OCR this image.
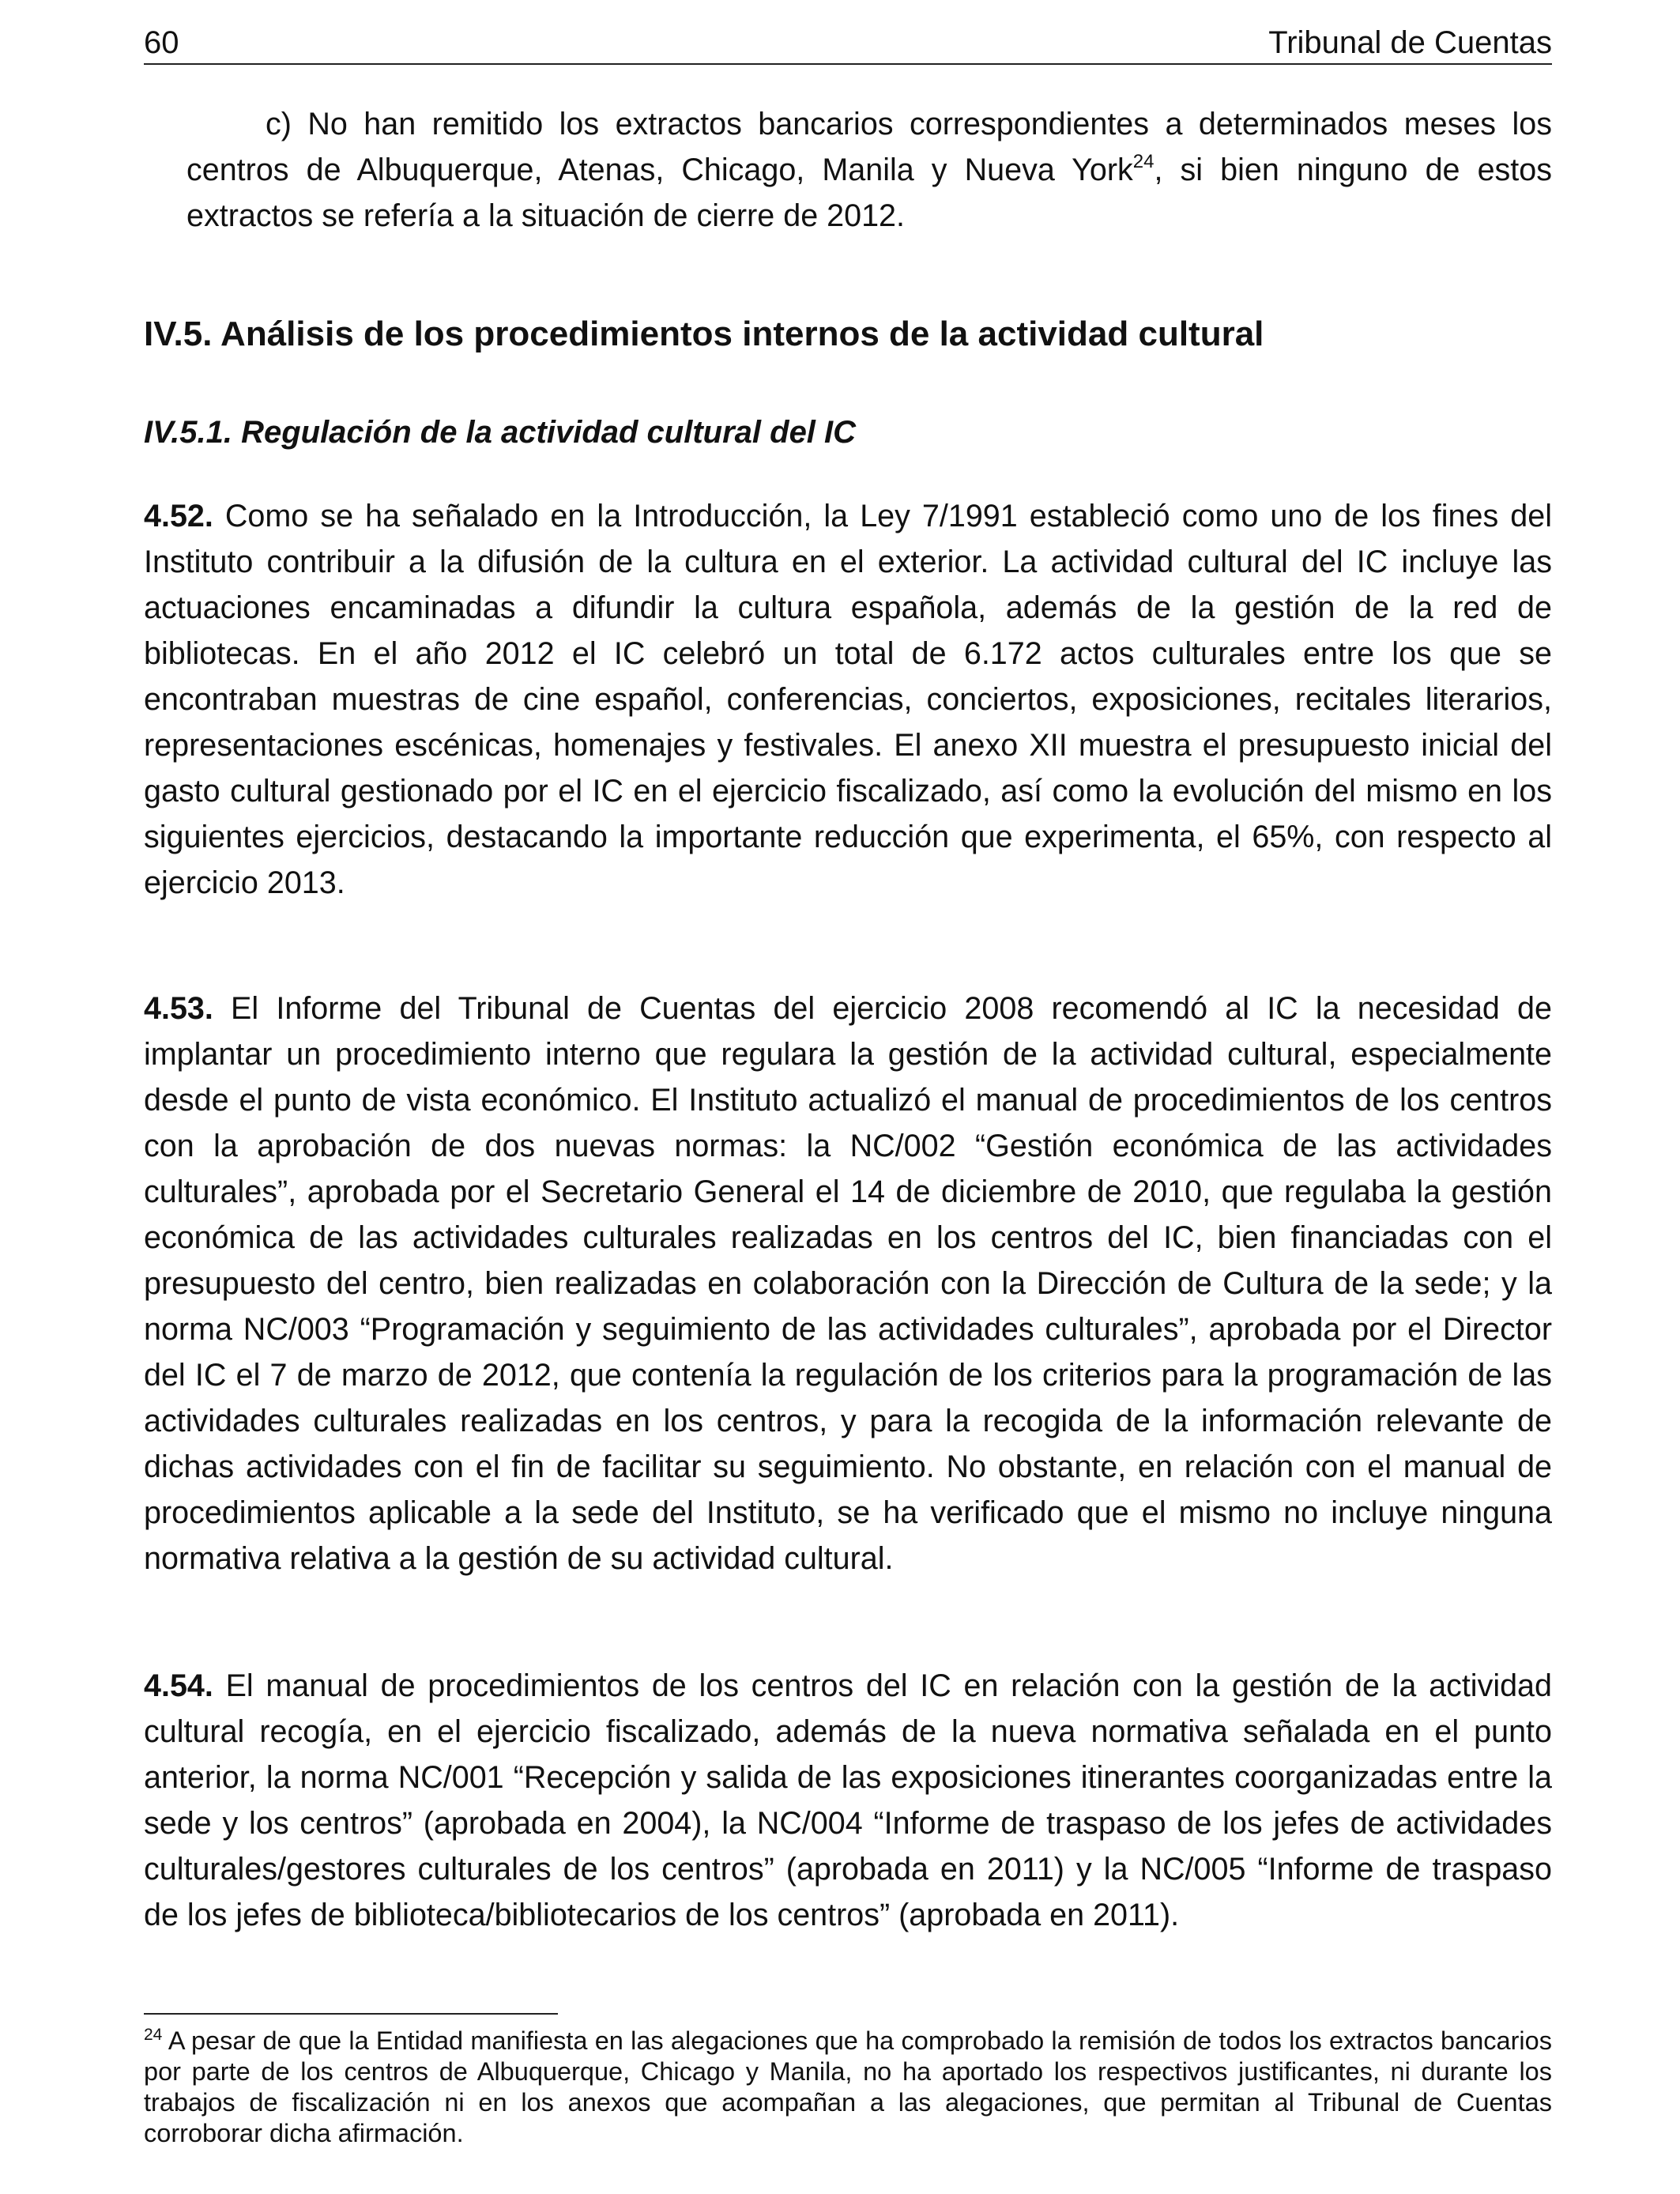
60	Tribunal de Cuentas

c) No han remitido los extractos bancarios correspondientes a determinados meses los centros de Albuquerque, Atenas, Chicago, Manila y Nueva York$^{24}$, si bien ninguno de estos extractos se refería a la situación de cierre de 2012.

IV.5. Análisis de los procedimientos internos de la actividad cultural
IV.5.1. Regulación de la actividad cultural del IC

4.52. Como se ha señalado en la Introducción, la Ley 7/1991 estableció como uno de los fines del Instituto contribuir a la difusión de la cultura en el exterior. La actividad cultural del IC incluye las actuaciones encaminadas a difundir la cultura española, además de la gestión de la red de bibliotecas. En el año 2012 el IC celebró un total de 6.172 actos culturales entre los que se encontraban muestras de cine español, conferencias, conciertos, exposiciones, recitales literarios, representaciones escénicas, homenajes y festivales. El anexo XII muestra el presupuesto inicial del gasto cultural gestionado por el IC en el ejercicio fiscalizado, así como la evolución del mismo en los siguientes ejercicios, destacando la importante reducción que experimenta, el 65%, con respecto al ejercicio 2013.

4.53. El Informe del Tribunal de Cuentas del ejercicio 2008 recomendó al IC la necesidad de implantar un procedimiento interno que regulara la gestión de la actividad cultural, especialmente desde el punto de vista económico. El Instituto actualizó el manual de procedimientos de los centros con la aprobación de dos nuevas normas: la NC/002 “Gestión económica de las actividades culturales”, aprobada por el Secretario General el 14 de diciembre de 2010, que regulaba la gestión económica de las actividades culturales realizadas en los centros del IC, bien financiadas con el presupuesto del centro, bien realizadas en colaboración con la Dirección de Cultura de la sede; y la norma NC/003 “Programación y seguimiento de las actividades culturales”, aprobada por el Director del IC el 7 de marzo de 2012, que contenía la regulación de los criterios para la programación de las actividades culturales realizadas en los centros, y para la recogida de la información relevante de dichas actividades con el fin de facilitar su seguimiento. No obstante, en relación con el manual de procedimientos aplicable a la sede del Instituto, se ha verificado que el mismo no incluye ninguna normativa relativa a la gestión de su actividad cultural.

4.54. El manual de procedimientos de los centros del IC en relación con la gestión de la actividad cultural recogía, en el ejercicio fiscalizado, además de la nueva normativa señalada en el punto anterior, la norma NC/001 “Recepción y salida de las exposiciones itinerantes coorganizadas entre la sede y los centros” (aprobada en 2004), la NC/004 “Informe de traspaso de los jefes de actividades culturales/gestores culturales de los centros” (aprobada en 2011) y la NC/005 “Informe de traspaso de los jefes de biblioteca/bibliotecarios de los centros” (aprobada en 2011).

$^{24}$ A pesar de que la Entidad manifiesta en las alegaciones que ha comprobado la remisión de todos los extractos bancarios por parte de los centros de Albuquerque, Chicago y Manila, no ha aportado los respectivos justificantes, ni durante los trabajos de fiscalización ni en los anexos que acompañan a las alegaciones, que permitan al Tribunal de Cuentas corroborar dicha afirmación.
